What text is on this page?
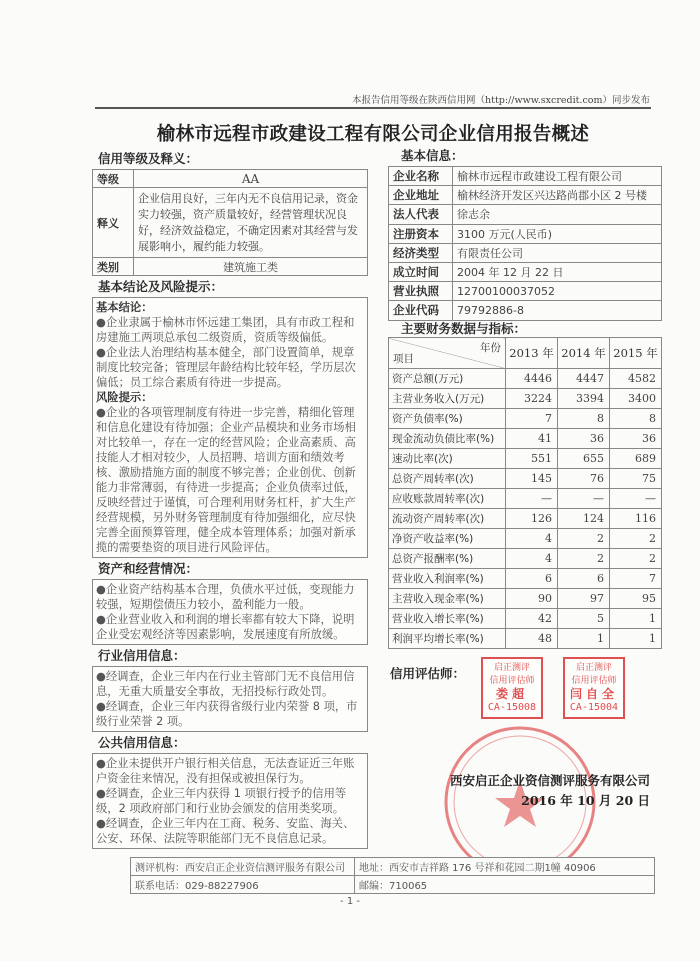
本报告信用等级在陕西信用网（http://www.sxcredit.com）同步发布
榆林市远程市政建设工程有限公司企业信用报告概述
信用等级及释义：
等级	AA
释义	企业信用良好，三年内无不良信用记录，资金实力较强，资产质量较好，经营管理状况良好，经济效益稳定，不确定因素对其经营与发展影响小，履约能力较强。
类别	建筑施工类
基本结论及风险提示：

基本结论：

●企业隶属于榆林市怀远建工集团，具有市政工程和房建施工两项总承包二级资质，资质等级偏低。

●企业法人治理结构基本健全，部门设置简单，规章制度比较完备；管理层年龄结构比较年轻，学历层次偏低；员工综合素质有待进一步提高。

风险提示：

●企业的各项管理制度有待进一步完善，精细化管理和信息化建设有待加强；企业产品模块和业务市场相对比较单一，存在一定的经营风险；企业高素质、高技能人才相对较少，人员招聘、培训方面和绩效考核、激励措施方面的制度不够完善；企业创优、创新能力非常薄弱，有待进一步提高；企业负债率过低，反映经营过于谨慎，可合理利用财务杠杆，扩大生产经营规模，另外财务管理制度有待加强细化，应尽快完善全面预算管理，健全成本管理体系；加强对新承揽的需要垫资的项目进行风险评估。

资产和经营情况：

●企业资产结构基本合理，负债水平过低，变现能力较强，短期偿债压力较小，盈利能力一般。

●企业营业收入和利润的增长率都有较大下降，说明企业受宏观经济等因素影响，发展速度有所放缓。

行业信用信息：

●经调查，企业三年内在行业主管部门无不良信用信息，无重大质量安全事故，无招投标行政处罚。

●经调查，企业三年内获得省级行业内荣誉 8 项，市级行业荣誉 2 项。

公共信用信息：

●企业未提供开户银行相关信息，无法查证近三年账户资金往来情况，没有担保或被担保行为。

●经调查，企业三年内获得 1 项银行授予的信用等级，2 项政府部门和行业协会颁发的信用类奖项。

●经调查，企业三年内在工商、税务、安监、海关、公安、环保、法院等职能部门无不良信息记录。

基本信息：
企业名称	榆林市远程市政建设工程有限公司
企业地址	榆林经济开发区兴达路尚郡小区 2 号楼
法人代表	徐志余
注册资本	3100 万元(人民币)
经济类型	有限责任公司
成立时间	2004 年 12 月 22 日
营业执照	12700100037052
企业代码	79792886-8
主要财务数据与指标：
年份
项目	2013 年	2014 年	2015 年
资产总额(万元)	4446	4447	4582
主营业务收入(万元)	3224	3394	3400
资产负债率(%)	7	8	8
现金流动负债比率(%)	41	36	36
速动比率(次)	551	655	689
总资产周转率(次)	145	76	75
应收账款周转率(次)	—	—	—
流动资产周转率(次)	126	124	116
净资产收益率(%)	4	2	2
总资产报酬率(%)	4	2	2
营业收入利润率(%)	6	6	7
主营收入现金率(%)	90	97	95
营业收入增长率(%)	42	5	1
利润平均增长率(%)	48	1	1
信用评估师：	启正测评
信用评估师
娄超
CA-15008
启正测评
信用评估师
闫自全
CA-15004
西安启正企业资信测评服务有限公司
2016 年 10 月 20 日
测评机构：西安启正企业资信测评服务有限公司	地址：西安市吉祥路 176 号祥和花园二期1幢 40906
联系电话：029-88227906	邮编：710065
- 1 -
